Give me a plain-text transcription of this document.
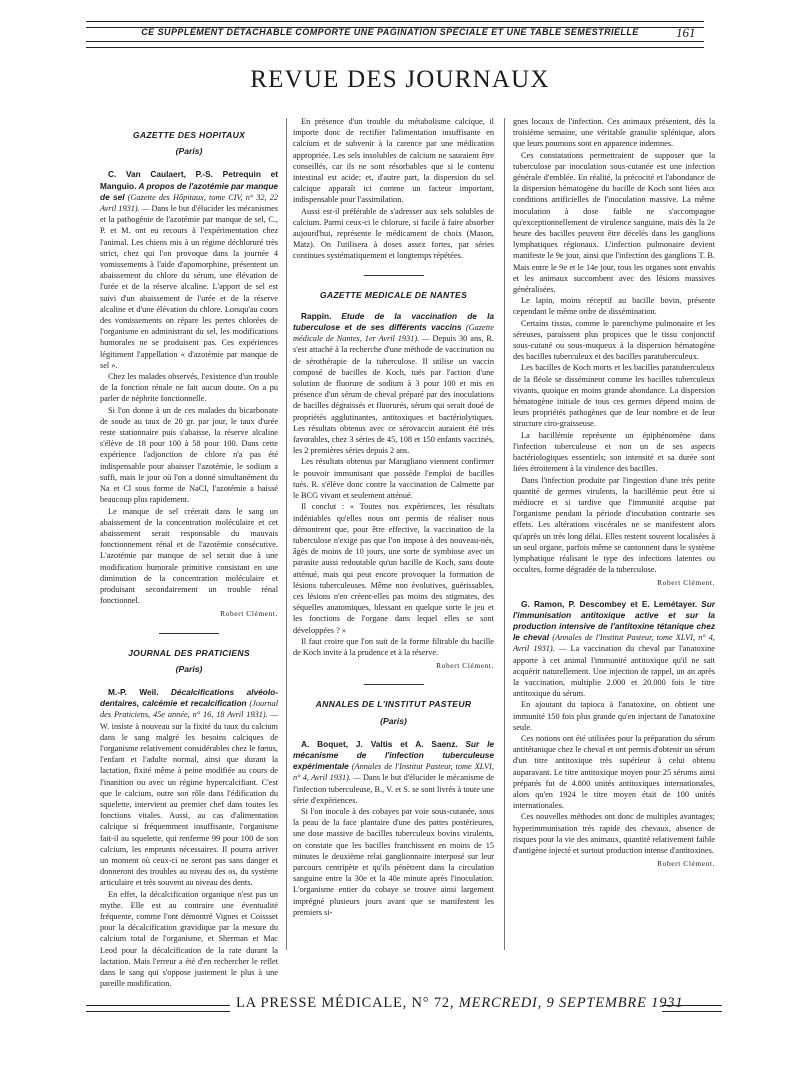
CE SUPPLÉMENT DÉTACHABLE COMPORTE UNE PAGINATION SPÉCIALE ET UNE TABLE SEMESTRIELLE	161
REVUE DES JOURNAUX
GAZETTE DES HOPITAUX
(Paris)

C. Van Caulaert, P.-S. Petrequin et Manguio. A propos de l'azotémie par manque de sel (Gazette des Hôpitaux, tome CIV, n° 32, 22 Avril 1931). — Dans le but d'élucider les mécanismes et la pathogénie de l'azotémie par manque de sel, C., P. et M. ont eu recours à l'expérimentation chez l'animal. Les chiens mis à un régime déchloruré très strict, chez qui l'on provoque dans la journée 4 vomissements à l'aide d'apomorphine, présentent un abaissement du chlore du sérum, une élévation de l'urée et de la réserve alcaline. L'apport de sel est suivi d'un abaissement de l'urée et de la réserve alcaline et d'une élévation du chlore. Lorsqu'au cours des vomissements on répare les pertes chlorées de l'organisme en administrant du sel, les modifications humorales ne se produisent pas. Ces expériences légitiment l'appellation « d'azotémie par manque de sel ».

Chez les malades observés, l'existence d'un trouble de la fonction rénale ne fait aucun doute. On a pu parler de néphrite fonctionnelle.

Si l'on donne à un de ces malades du bicarbonate de soude au taux de 20 gr. par jour, le taux d'urée reste stationnaire puis s'abaisse, la réserve alcaline s'élève de 18 pour 100 à 58 pour 100. Dans cette expérience l'adjonction de chlore n'a pas été indispensable pour abaisser l'azotémie, le sodium a suffi, mais le jour où l'on a donné simultanément du Na et Cl sous forme de NaCl, l'azotémie a baissé beaucoup plus rapidement.

Le manque de sel créerait dans le sang un abaissement de la concentration moléculaire et cet abaissement serait responsable du mauvais fonctionnement rénal et de l'azotémie consécutive. L'azotémie par manque de sel serait due à une modification humorale primitive consistant en une diminution de la concentration moléculaire et produisant secondairement un trouble rénal fonctionnel.

Robert Clément.
JOURNAL DES PRATICIENS
(Paris)

M.-P. Weil. Décalcifications alvéolo-dentaires, calcémie et recalcification (Journal des Praticiens, 45e année, n° 16, 18 Avril 1931). — W. insiste à nouveau sur la fixité du taux du calcium dans le sang malgré les besoins calciques de l'organisme relativement considérables chez le fœtus, l'enfant et l'adulte normal, ainsi que durant la lactation, fixité même à peine modifiée au cours de l'inanition ou avec un régime hypercalcifiant. C'est que le calcium, outre son rôle dans l'édification du squelette, intervient au premier chef dans toutes les fonctions vitales. Aussi, au cas d'alimentation calcique si fréquemment insuffisante, l'organisme fait-il au squelette, qui renferme 99 pour 100 de son calcium, les emprunts nécessaires. Il pourra arriver un moment où ceux-ci ne seront pas sans danger et donneront des troubles au niveau des os, du système articulaire et très souvent au niveau des dents.

En effet, la décalcification organique n'est pas un mythe. Elle est au contraire une éventualité fréquente, comme l'ont démontré Vignes et Coissset pour la décalcification gravidique par la mesure du calcium total de l'organisme, et Sherman et Mac Leod pour la décalcification de la rate durant la lactation. Mais l'erreur a été d'en rechercher le reflet dans le sang qui s'oppose justement le plus à une pareille modification.

En présence d'un trouble du métabolisme calcique, il importe donc de rectifier l'alimentation insuffisante en calcium et de subvenir à la carence par une médication appropriée. Les sels insolubles de calcium ne sauraient être conseillés, car ils ne sont résorbables que si le contenu intestinal est acide; et, d'autre part, la dispersion du sel calcique apparaît ici comme un facteur important, indispensable pour l'assimilation.

Aussi est-il préférable de s'adresser aux sels solubles de calcium. Parmi ceux-ci le chlorure, si facile à faire absorber aujourd'hui, représente le médicament de choix (Mason, Matz). On l'utilisera à doses assez fortes, par séries continues systématiquement et longtemps répétées.

GAZETTE MEDICALE DE NANTES

Rappin. Etude de la vaccination de la tuberculose et de ses différents vaccins (Gazette médicale de Nantes, 1er Avril 1931). — Depuis 30 ans, R. s'est attaché à la recherche d'une méthode de vaccination ou de sérothérapie de la tuberculose. Il utilise un vaccin composé de bacilles de Koch, tués par l'action d'une solution de fluorure de sodium à 3 pour 100 et mis en présence d'un sérum de cheval préparé par des inoculations de bacilles dégraissés et fluorurés, sérum qui serait doué de propriétés agglutinantes, antitoxiques et bactériolytiques. Les résultats obtenus avec ce sérovaccin auraient été très favorables, chez 3 séries de 45, 108 et 150 enfants vaccinés, les 2 premières séries depuis 2 ans.

Les résultats obtenus par Maragliano viennent confirmer le pouvoir immunisant que possède l'emploi de bacilles tués. R. s'élève donc contre la vaccination de Calmette par le BCG vivant et seulement atténué.

Il conclut : « Toutes nos expériences, les résultats indéniables qu'elles nous ont permis de réaliser nous démontrent que, pour être effective, la vaccination de la tuberculose n'exige pas que l'on impose à des nouveau-nés, âgés de moins de 10 jours, une sorte de symbiose avec un parasite aussi redoutable qu'un bacille de Koch, sans doute atténué, mais qui peut encore provoquer la formation de lésions tuberculeuses. Même non évolutives, guérissables, ces lésions n'en créent-elles pas moins des stigmates, des séquelles anatomiques, blessant en quelque sorte le jeu et les fonctions de l'organe dans lequel elles se sont développées ? »

Il faut croire que l'on suit de la forme filtrable du bacille de Koch invite à la prudence et à la réserve.

Robert Clément.
ANNALES DE L'INSTITUT PASTEUR
(Paris)

A. Boquet, J. Valtis et A. Saenz. Sur le mécanisme de l'infection tuberculeuse expérimentale (Annales de l'Institut Pasteur, tome XLVI, n° 4, Avril 1931). — Dans le but d'élucider le mécanisme de l'infection tuberculeuse, B., V. et S. se sont livrés à toute une série d'expériences.

Si l'on inocule à des cobayes par voie sous-cutanée, sous la peau de la face plantaire d'une des pattes postérieures, une dose massive de bacilles tuberculeux bovins virulents, on constate que les bacilles franchissent en moins de 15 minutes le deuxième relai ganglionnaire interposé sur leur parcours centripète et qu'ils pénètrent dans la circulation sanguine entre la 30e et la 40e minute après l'inoculation. L'organisme entier du cobaye se trouve ainsi largement imprégné plusieurs jours avant que se manifestent les premiers si-

gnes locaux de l'infection. Ces animaux présentent, dès la troisième semaine, une véritable granulie splénique, alors que leurs poumons sont en apparence indemnes.

Ces constatations permettraient de supposer que la tuberculose par inoculation sous-cutanée est une infection générale d'emblée. En réalité, la précocité et l'abondance de la dispersion hématogène du bacille de Koch sont liées aux conditions artificielles de l'inoculation massive. La même inoculation à dose faible ne s'accompagne qu'exceptionnellement de virulence sanguine, mais dès la 2e heure des bacilles peuvent être décelés dans les ganglions lymphatiques régionaux. L'infection pulmonaire devient manifeste le 9e jour, ainsi que l'infection des ganglions T. B. Mais entre le 9e et le 14e jour, tous les organes sont envahis et les animaux succombent avec des lésions massives généralisées.

Le lapin, moins réceptif au bacille bovin, présente cependant le même ordre de dissémination.

Certains tissus, comme le parenchyme pulmonaire et les séreuses, paraissent plus propices que le tissu conjonctif sous-cutané ou sous-muqueux à la dispersion hématogène des bacilles tuberculeux et des bacilles paratuberculeux.

Les bacilles de Koch morts et les bacilles paratuberculeux de la fléole se disséminent comme les bacilles tuberculeux vivants, quoique en moins grande abondance. La dispersion hématogène initiale de tous ces germes dépend moins de leurs propriétés pathogènes que de leur nombre et de leur structure ciro-graisseuse.

La bacillémie représente un épiphénomène dans l'infection tuberculeuse et non un de ses aspects bactériologiques essentiels; son intensité et sa durée sont liées étroitement à la virulence des bacilles.

Dans l'infection produite par l'ingestion d'une très petite quantité de germes virulents, la bacillémie peut être si médiocre et si tardive que l'immunité acquise par l'organisme pendant la période d'incubation contrarie ses effets. Les altérations viscérales ne se manifestent alors qu'après un très long délai. Elles restent souvent localisées à un seul organe, parfois même se cantonnent dans le système lymphatique réalisant le type des infections latentes ou occultes, forme dégradée de la tuberculose.

Robert Clément.

G. Ramon, P. Descombey et E. Lemétayer. Sur l'immunisation antitoxique active et sur la production intensive de l'antitoxine tétanique chez le cheval (Annales de l'Institut Pasteur, tome XLVI, n° 4, Avril 1931). — La vaccination du cheval par l'anatoxine apporte à cet animal l'immunité antitoxique qu'il ne sait acquérir naturellement. Une injection de rappel, un an après la vaccination, multiplie 2.000 et 20.000 fois le titre antitoxique du sérum.

En ajoutant du tapioca à l'anatoxine, on obtient une immunité 150 fois plus grande qu'en injectant de l'anatoxine seule.

Ces notions ont été utilisées pour la préparation du sérum antitétanique chez le cheval et ont permis d'obtenir un sérum d'un titre antitoxique très supérieur à celui obtenu auparavant. Le titre antitoxique moyen pour 25 sérums ainsi préparés fut de 4.800 unités antitoxiques internationales, alors qu'en 1924 le titre moyen était de 100 unités internationales.

Ces nouvelles méthodes ont donc de multiples avantages; hyperimmunisation très rapide des chevaux, absence de risques pour la vie des animaux, quantité relativement faible d'antigène injecté et surtout production intense d'antitoxines.

Robert Clément.
LA PRESSE MÉDICALE, N° 72, MERCREDI, 9 SEPTEMBRE 1931
